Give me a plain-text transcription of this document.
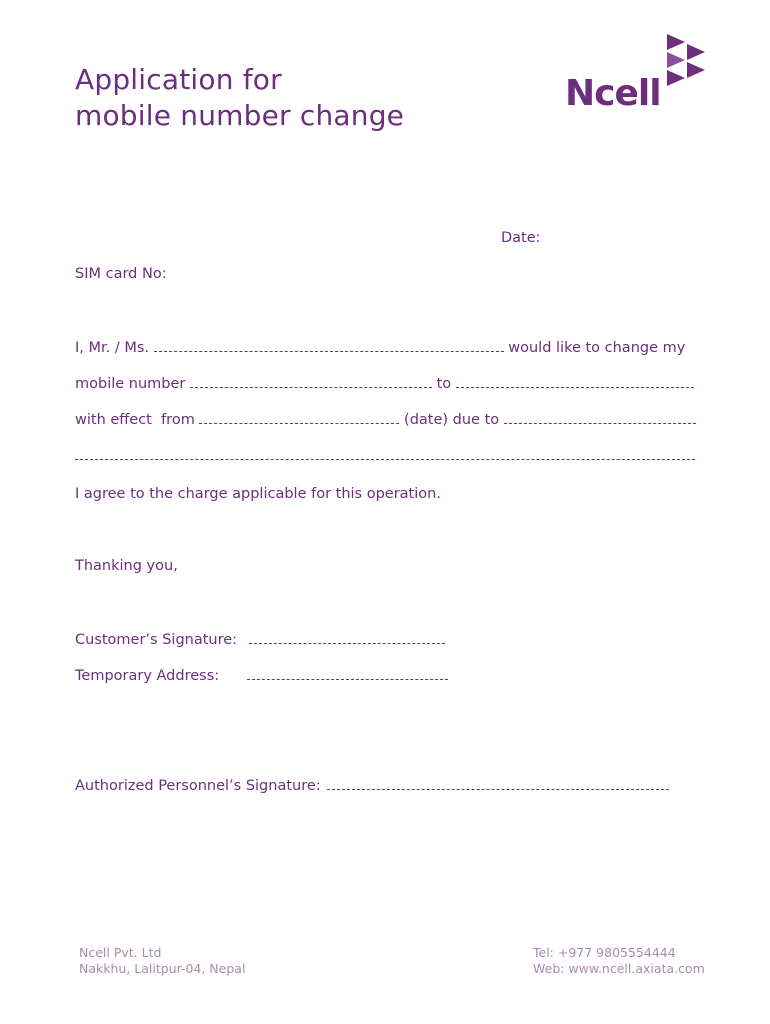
Application for
mobile number change
Ncell
Date:
SIM card No:
I, Mr. / Ms.	would like to change my
mobile number	to
with effect  from	(date) due to
I agree to the charge applicable for this operation.
Thanking you,
Customer’s Signature:
Temporary Address:
Authorized Personnel’s Signature:
Ncell Pvt. Ltd
Nakkhu, Lalitpur-04, Nepal
Tel: +977 9805554444
Web: www.ncell.axiata.com
